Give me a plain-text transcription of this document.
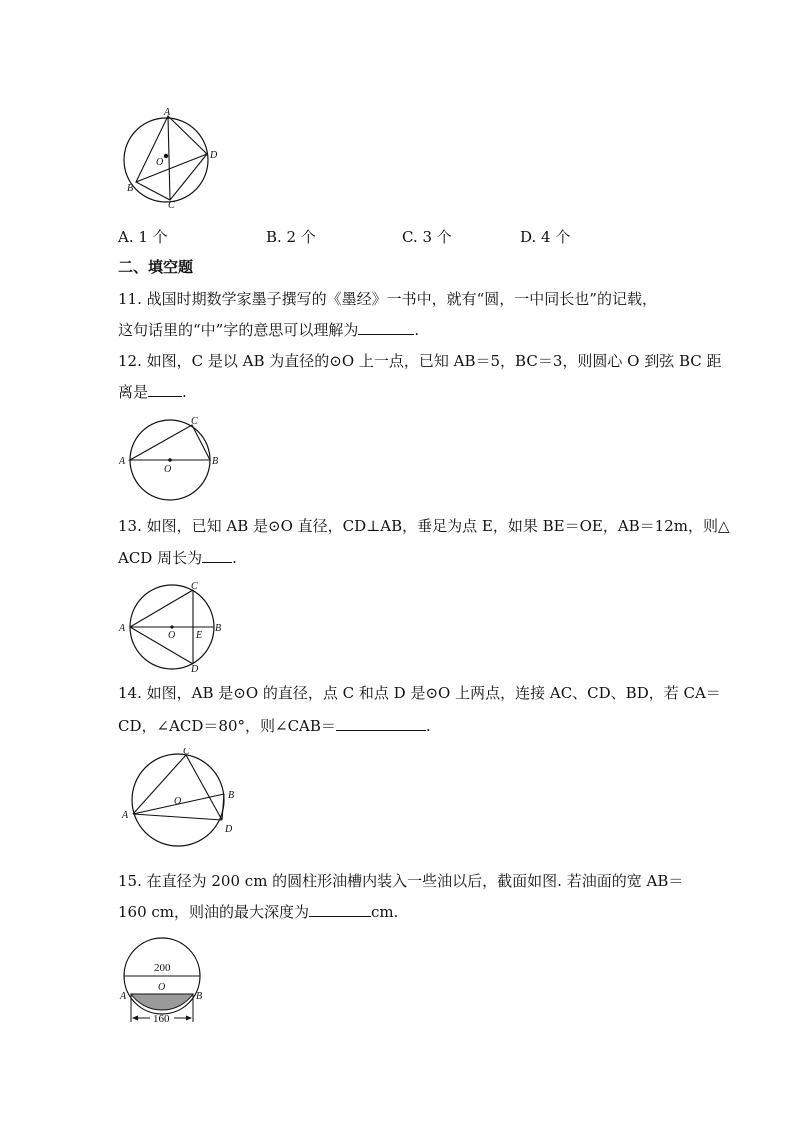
A
O
D
B
C
A. 1 个	B. 2 个	C. 3 个	D. 4 个
二、填空题
11. 战国时期数学家墨子撰写的《墨经》一书中，就有“圆，一中同长也”的记载，
这句话里的“中”字的意思可以理解为	.
12. 如图，C 是以 AB 为直径的⊙O 上一点，已知 AB＝5，BC＝3，则圆心 O 到弦 BC 距
离是 .
A	B
C
O
13. 如图，已知 AB 是⊙O 直径，CD⊥AB，垂足为点 E，如果 BE＝OE，AB＝12m，则△
ACD 周长为 .
A	B
C
D
E
O
14. 如图，AB 是⊙O 的直径，点 C 和点 D 是⊙O 上两点，连接 AC、CD、BD，若 CA＝
CD，∠ACD＝80°，则∠CAB＝	.
A
B
C
D
O
15. 在直径为 200 cm 的圆柱形油槽内装入一些油以后，截面如图. 若油面的宽 AB＝
160 cm，则油的最大深度为	cm.
200
O
A	B
160
